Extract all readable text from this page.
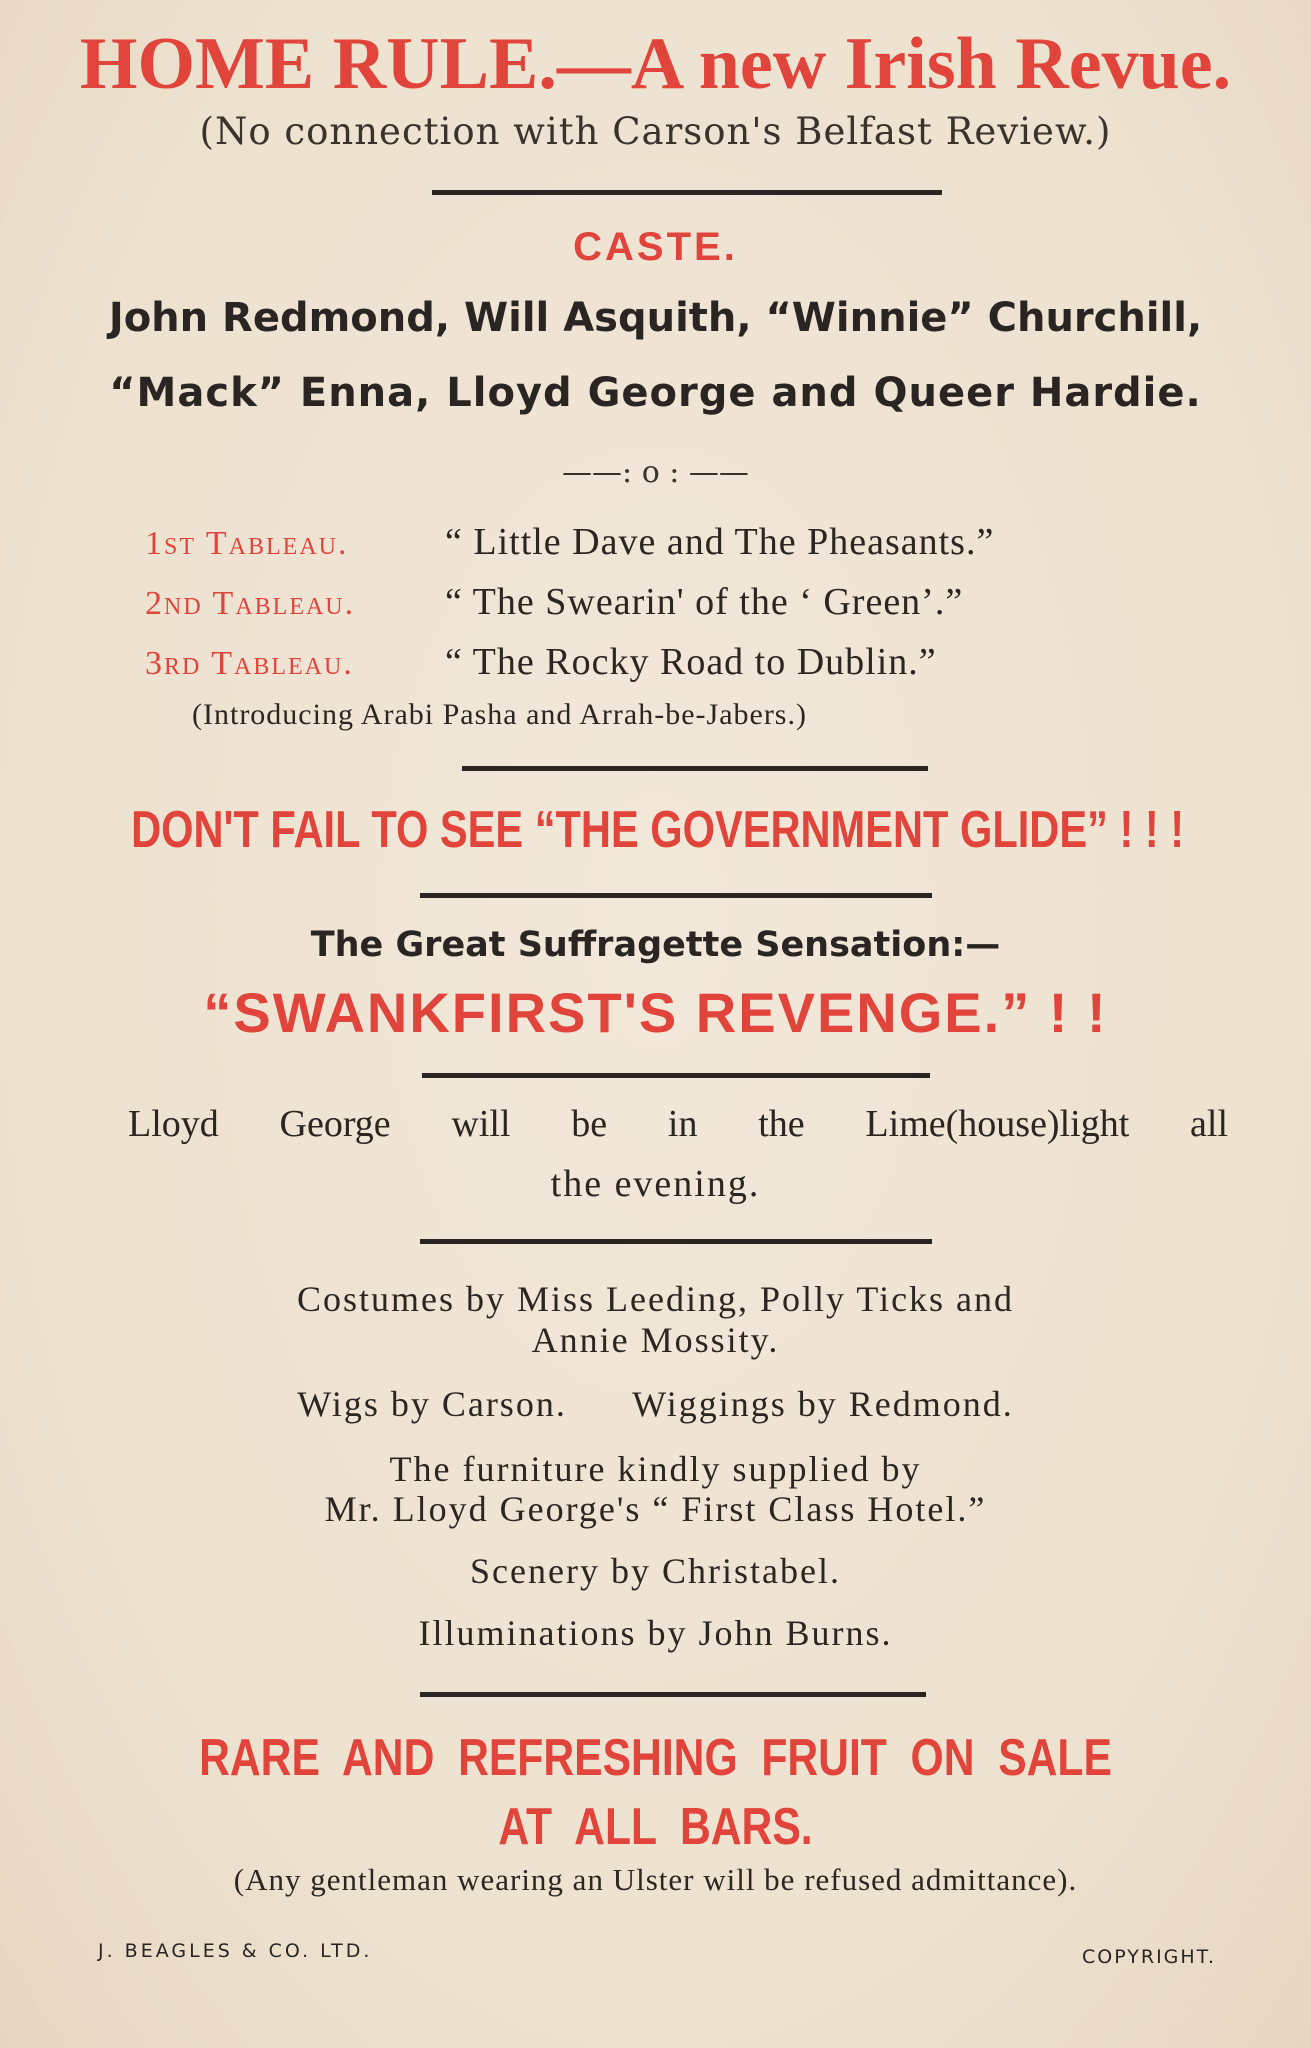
HOME RULE.—A new Irish Revue.
(No connection with Carson's Belfast Review.)
CASTE.
John Redmond, Will Asquith, “Winnie” Churchill,
“Mack” Enna, Lloyd George and Queer Hardie.
——: o : ——
1st Tableau.	“ Little Dave and The Pheasants.”
2nd Tableau. “ The Swearin' of the ‘ Green’.”
3rd Tableau. “ The Rocky Road to Dublin.”
(Introducing Arabi Pasha and Arrah-be-Jabers.)
DON'T FAIL TO SEE “THE GOVERNMENT GLIDE” ! ! !
The Great Suffragette Sensation:—
“SWANKFIRST'S REVENGE.” ! !
Lloyd George will be in the Lime(house)light all
the evening.
Costumes by Miss Leeding, Polly Ticks and
Annie Mossity.
Wigs by Carson.      Wiggings by Redmond.
The furniture kindly supplied by
Mr. Lloyd George's “ First Class Hotel.”
Scenery by Christabel.
Illuminations by John Burns.
RARE  AND  REFRESHING  FRUIT  ON  SALE
AT  ALL  BARS.
(Any gentleman wearing an Ulster will be refused admittance).
J. BEAGLES & CO. LTD.	COPYRIGHT.
